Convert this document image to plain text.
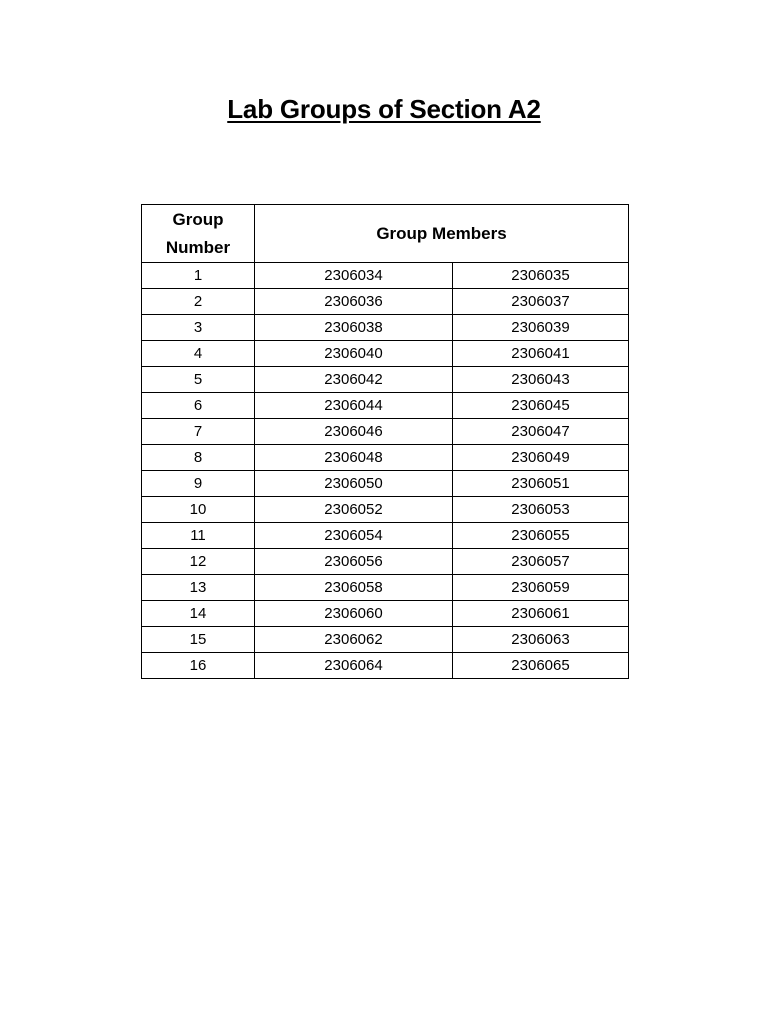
Lab Groups of Section A2
Group
Number	Group Members	
1	2306034	2306035
2	2306036	2306037
3	2306038	2306039
4	2306040	2306041
5	2306042	2306043
6	2306044	2306045
7	2306046	2306047
8	2306048	2306049
9	2306050	2306051
10	2306052	2306053
11	2306054	2306055
12	2306056	2306057
13	2306058	2306059
14	2306060	2306061
15	2306062	2306063
16	2306064	2306065
